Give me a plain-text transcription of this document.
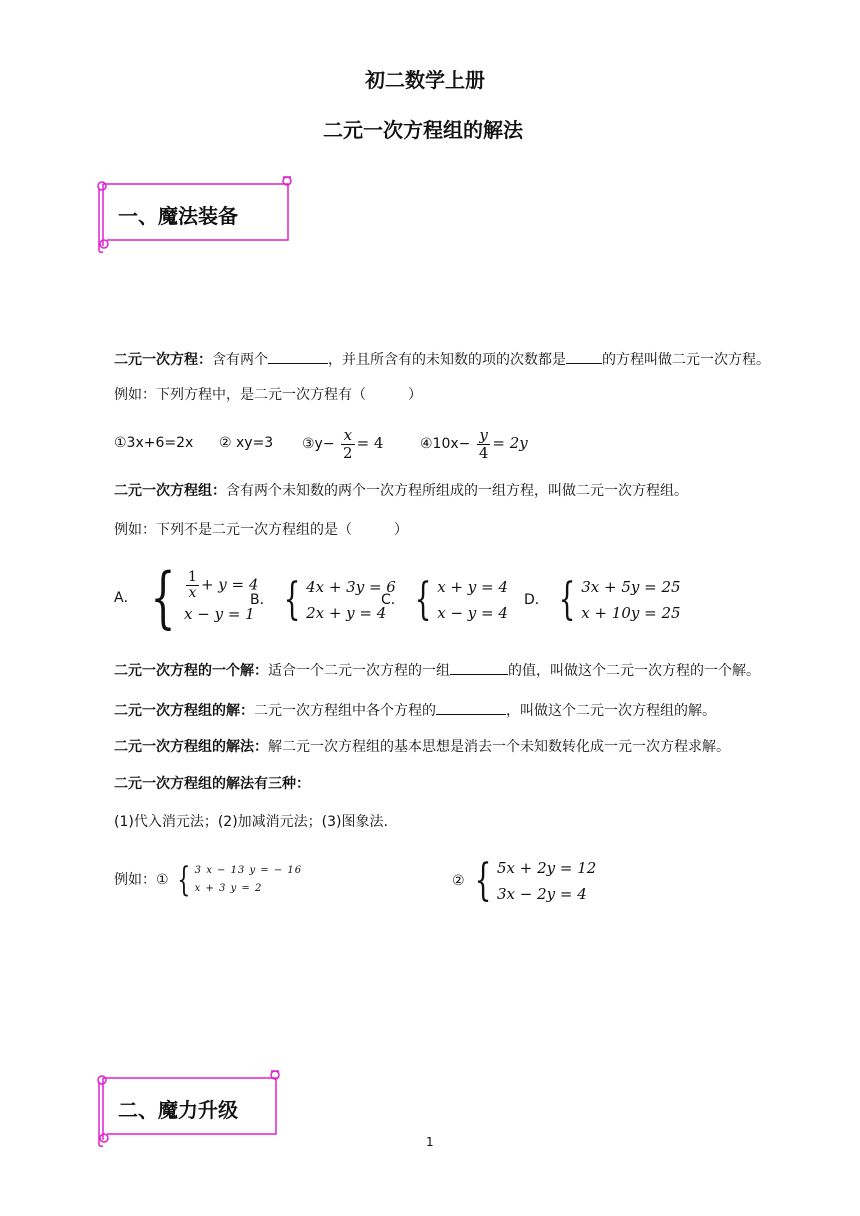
初二数学上册
二元一次方程组的解法
一、魔法装备
二元一次方程：含有两个	，并且所含有的未知数的项的次数都是	的方程叫做二元一次方程。
例如：下列方程中，是二元一次方程有（　　　）
①3x+6=2x ② xy=3 ③y− $\frac{x}{2} = 4$	④10x− $\frac{y}{4} = 2y$
二元一次方程组：含有两个未知数的两个一次方程所组成的一组方程，叫做二元一次方程组。
例如：下列不是二元一次方程组的是（　　　）
A． { $\frac{1}{x} + y = 4$
x − y = 1
B． { 4x + 3y = 6
2x + y = 4
C． { x + y = 4
x − y = 4
D． { 3x + 5y = 25
x + 10y = 25
二元一次方程的一个解：适合一个二元一次方程的一组	的值，叫做这个二元一次方程的一个解。
二元一次方程组的解：二元一次方程组中各个方程的	，叫做这个二元一次方程组的解。
二元一次方程组的解法：解二元一次方程组的基本思想是消去一个未知数转化成一元一次方程求解。
二元一次方程组的解法有三种：
(1)代入消元法；(2)加减消元法；(3)图象法.
例如：① { 3 x − 13 y = − 16
x + 3 y = 2	② { 5x + 2y = 12
3x − 2y = 4
二、魔力升级
1
